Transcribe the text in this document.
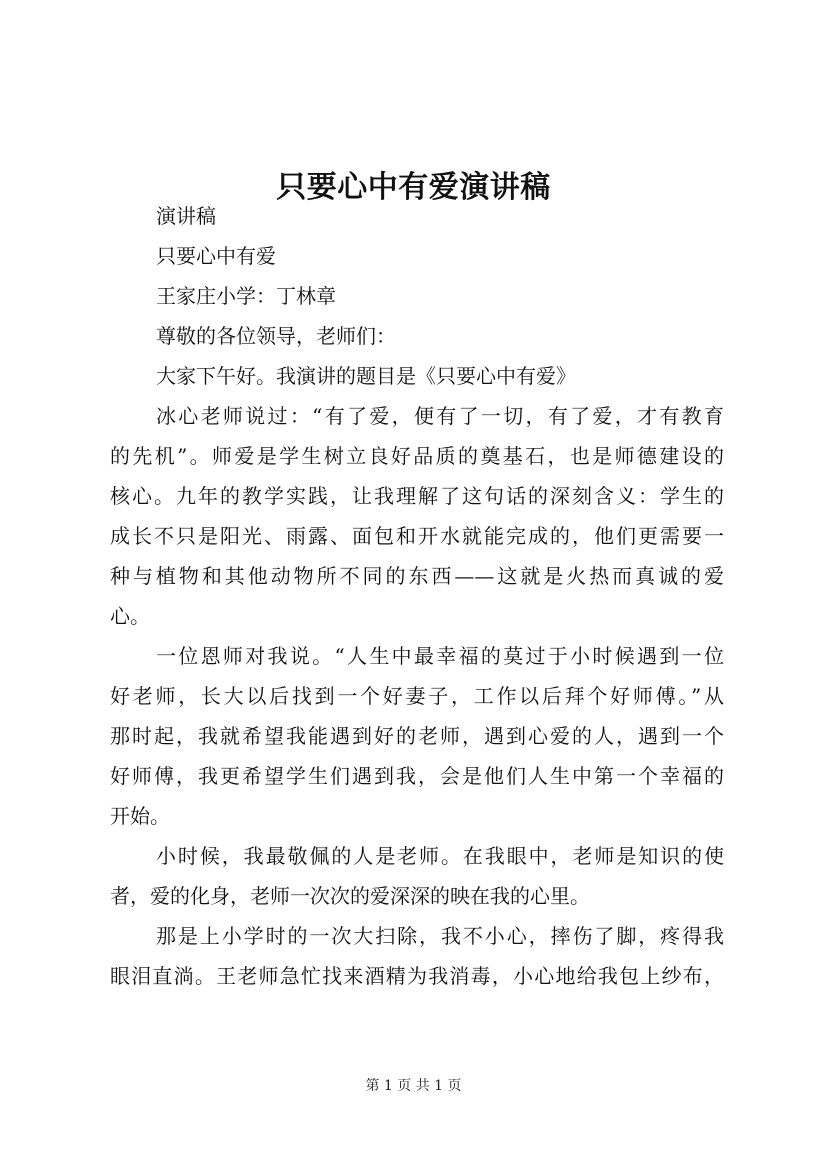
只要心中有爱演讲稿

演讲稿

只要心中有爱

王家庄小学：丁林章

尊敬的各位领导，老师们：

大家下午好。我演讲的题目是《只要心中有爱》

冰心老师说过：“有了爱，便有了一切，有了爱，才有教育

的先机”。师爱是学生树立良好品质的奠基石，也是师德建设的

核心。九年的教学实践，让我理解了这句话的深刻含义：学生的

成长不只是阳光、雨露、面包和开水就能完成的，他们更需要一

种与植物和其他动物所不同的东西——这就是火热而真诚的爱

心。

一位恩师对我说。“人生中最幸福的莫过于小时候遇到一位

好老师，长大以后找到一个好妻子，工作以后拜个好师傅。”从

那时起，我就希望我能遇到好的老师，遇到心爱的人，遇到一个

好师傅，我更希望学生们遇到我，会是他们人生中第一个幸福的

开始。

小时候，我最敬佩的人是老师。在我眼中，老师是知识的使

者，爱的化身，老师一次次的爱深深的映在我的心里。

那是上小学时的一次大扫除，我不小心，摔伤了脚，疼得我

眼泪直淌。王老师急忙找来酒精为我消毒，小心地给我包上纱布，

第 1 页 共 1 页
